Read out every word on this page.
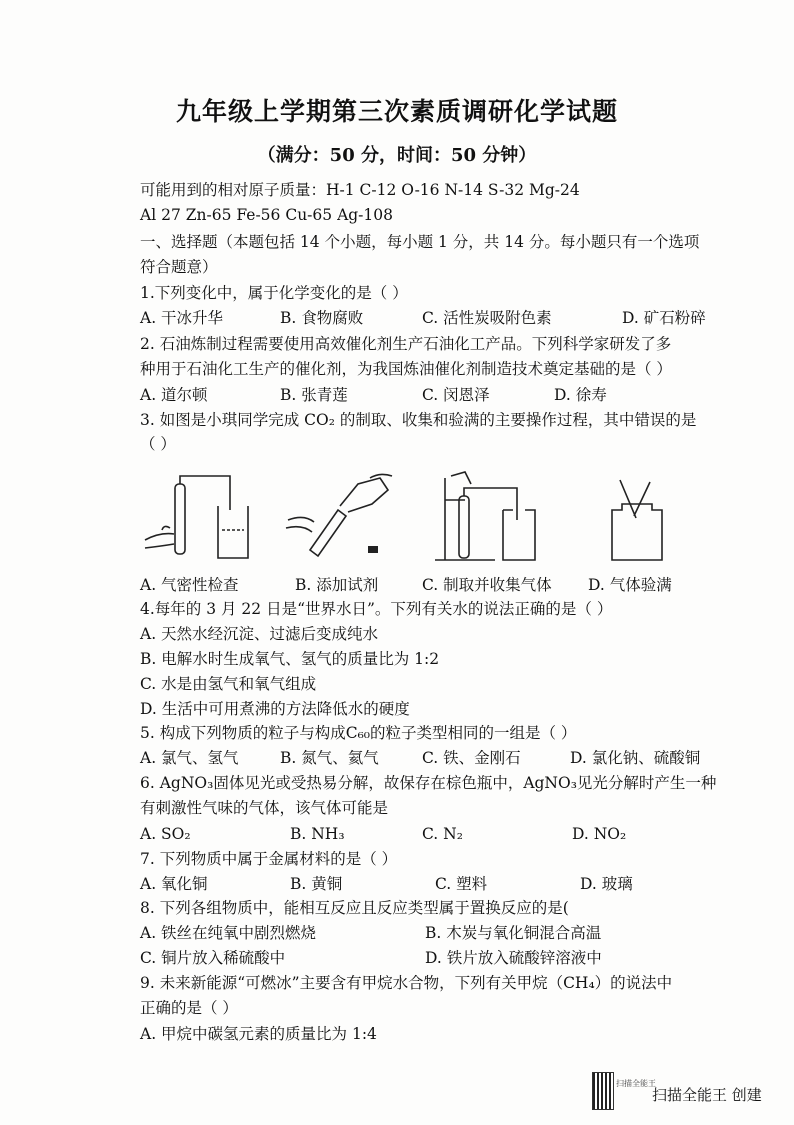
九年级上学期第三次素质调研化学试题
（满分：50 分，时间：50 分钟）
可能用到的相对原子质量：H-1 C-12 O-16 N-14 S-32 Mg-24
Al 27 Zn-65 Fe-56 Cu-65 Ag-108
一、选择题（本题包括 14 个小题，每小题 1 分，共 14 分。每小题只有一个选项
符合题意）
1.下列变化中，属于化学变化的是（ ）
A. 干冰升华	B. 食物腐败	C. 活性炭吸附色素	D. 矿石粉碎
2. 石油炼制过程需要使用高效催化剂生产石油化工产品。下列科学家研发了多
种用于石油化工生产的催化剂，为我国炼油催化剂制造技术奠定基础的是（ ）
A. 道尔顿	B. 张青莲	C. 闵恩泽	D. 徐寿
3. 如图是小琪同学完成 CO₂ 的制取、收集和验满的主要操作过程，其中错误的是
（ ）
A. 气密性检查	B. 添加试剂	C. 制取并收集气体 D. 气体验满
4.每年的 3 月 22 日是“世界水日”。下列有关水的说法正确的是（ ）
A. 天然水经沉淀、过滤后变成纯水
B. 电解水时生成氧气、氢气的质量比为 1:2
C. 水是由氢气和氧气组成
D. 生活中可用煮沸的方法降低水的硬度
5. 构成下列物质的粒子与构成C₆₀的粒子类型相同的一组是（ ）
A. 氯气、氢气	B. 氮气、氦气	C. 铁、金刚石	D. 氯化钠、硫酸铜
6. AgNO₃固体见光或受热易分解，故保存在棕色瓶中，AgNO₃见光分解时产生一种
有刺激性气味的气体，该气体可能是
A. SO₂	B. NH₃	C. N₂	D. NO₂
7. 下列物质中属于金属材料的是（ ）
A. 氧化铜	B. 黄铜	C. 塑料	D. 玻璃
8. 下列各组物质中，能相互反应且反应类型属于置换反应的是(
A. 铁丝在纯氧中剧烈燃烧	B. 木炭与氧化铜混合高温
C. 铜片放入稀硫酸中	D. 铁片放入硫酸锌溶液中
9. 未来新能源“可燃冰”主要含有甲烷水合物，下列有关甲烷（CH₄）的说法中
正确的是（ ）
A. 甲烷中碳氢元素的质量比为 1:4
扫描全能王
扫描全能王 创建
